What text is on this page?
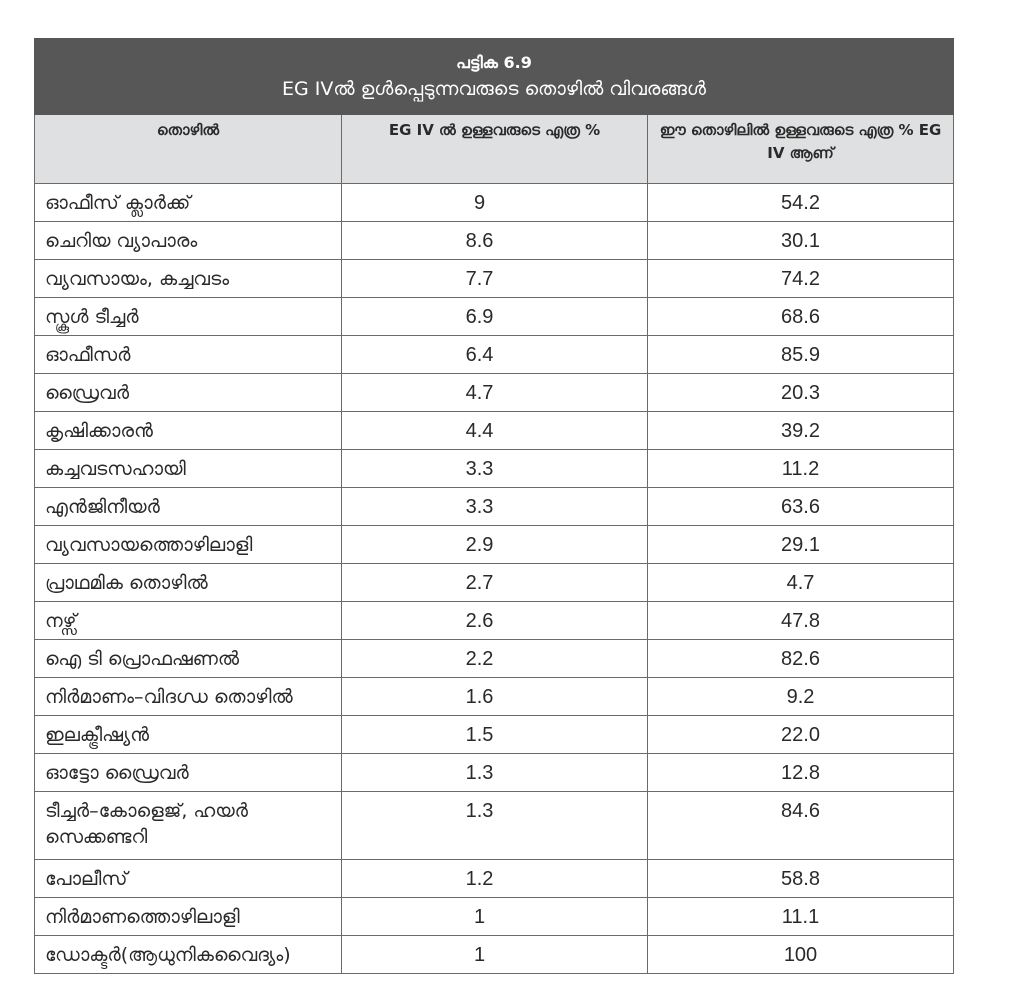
പട്ടിക 6.9
EG IVൽ ഉൾപ്പെടുന്നവരുടെ തൊഴിൽ വിവരങ്ങൾ		

തൊഴിൽ	EG IV ൽ ഉള്ളവരുടെ എത്ര %	ഈ തൊഴിലിൽ ഉള്ളവരുടെ എത്ര % EG IV ആണ്
ഓഫീസ് ക്ലാർക്ക്	9	54.2
ചെറിയ വ്യാപാരം	8.6	30.1
വ്യവസായം, കച്ചവടം	7.7	74.2
സ്കൂൾ ടീച്ചർ	6.9	68.6
ഓഫീസർ	6.4	85.9
ഡ്രൈവർ	4.7	20.3
കൃഷിക്കാരൻ	4.4	39.2
കച്ചവടസഹായി	3.3	11.2
എൻജിനീയർ	3.3	63.6
വ്യവസായത്തൊഴിലാളി	2.9	29.1
പ്രാഥമിക തൊഴിൽ	2.7	4.7
നഴ്സ്	2.6	47.8
ഐ ടി പ്രൊഫഷണൽ	2.2	82.6
നിർമാണം–വിദഗ്ധ തൊഴിൽ	1.6	9.2
ഇലക്ട്രീഷ്യൻ	1.5	22.0
ഓട്ടോ ഡ്രൈവർ	1.3	12.8
ടീച്ചർ–കോളെജ്, ഹയർ സെക്കണ്ടറി	1.3	84.6
പോലീസ്	1.2	58.8
നിർമാണത്തൊഴിലാളി	1	11.1
ഡോക്ടർ(ആധുനികവൈദ്യം)	1	100
